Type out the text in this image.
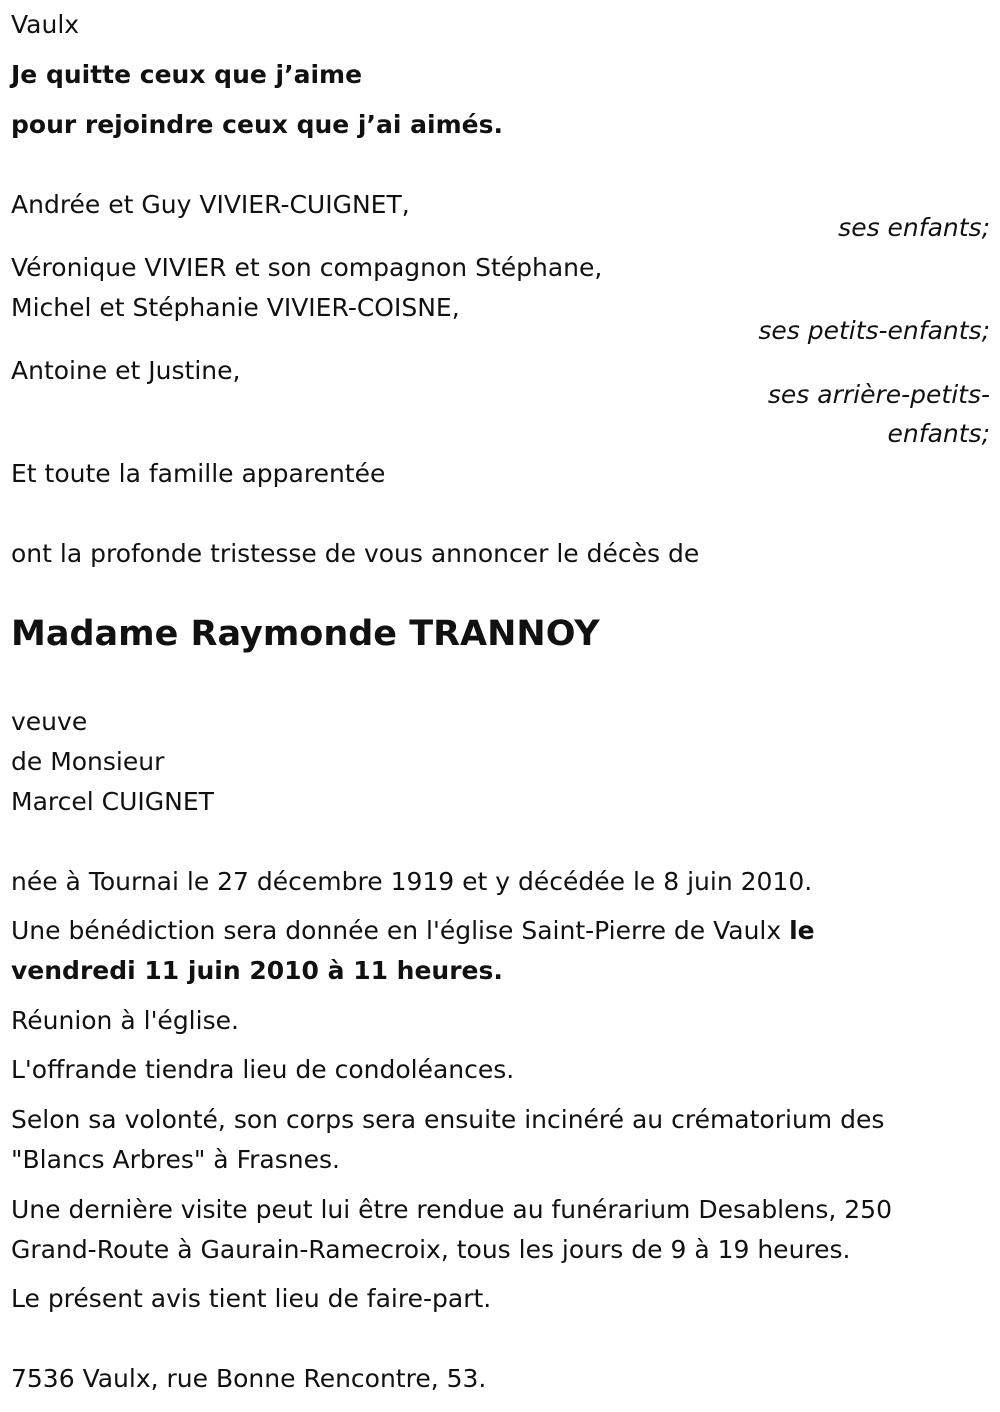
Vaulx
Je quitte ceux que j’aime
pour rejoindre ceux que j’ai aimés.
Andrée et Guy VIVIER-CUIGNET,
ses enfants;
Véronique VIVIER et son compagnon Stéphane,
Michel et Stéphanie VIVIER-COISNE,
ses petits-enfants;
Antoine et Justine,
ses arrière-petits-
enfants;
Et toute la famille apparentée
ont la profonde tristesse de vous annoncer le décès de
Madame Raymonde TRANNOY
veuve
de Monsieur
Marcel CUIGNET
née à Tournai le 27 décembre 1919 et y décédée le 8 juin 2010.
Une bénédiction sera donnée en l'église Saint-Pierre de Vaulx le
vendredi 11 juin 2010 à 11 heures.
Réunion à l'église.
L'offrande tiendra lieu de condoléances.
Selon sa volonté, son corps sera ensuite incinéré au crématorium des
"Blancs Arbres" à Frasnes.
Une dernière visite peut lui être rendue au funérarium Desablens, 250
Grand-Route à Gaurain-Ramecroix, tous les jours de 9 à 19 heures.
Le présent avis tient lieu de faire-part.
7536 Vaulx, rue Bonne Rencontre, 53.
